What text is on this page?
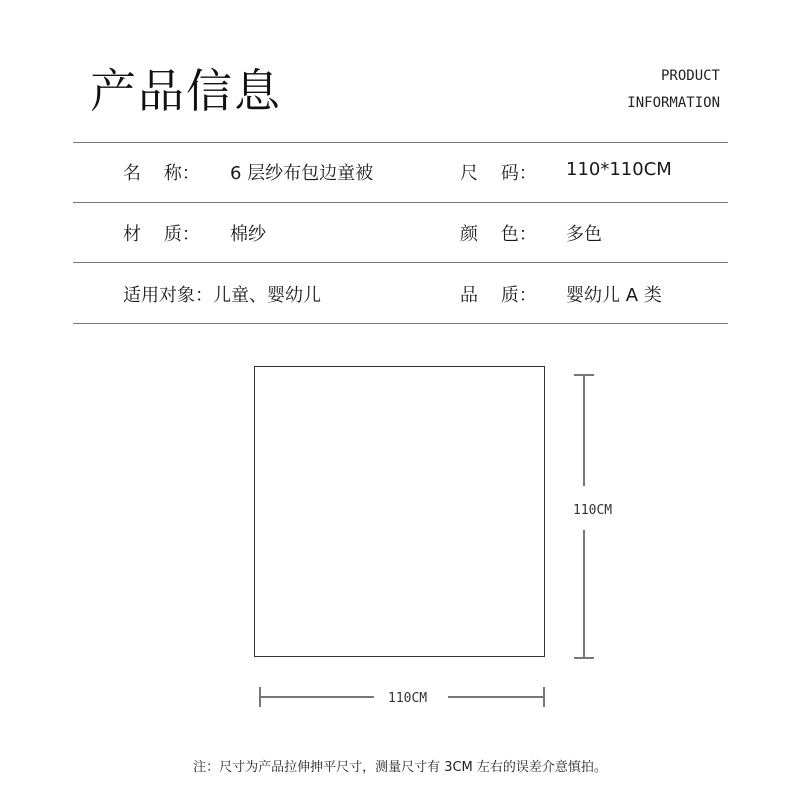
产品信息	PRODUCT
INFORMATION
名    称： 6 层纱布包边童被	尺    码： 110*110CM
材    质： 棉纱	颜    色： 多色
适用对象： 儿童、婴幼儿	品    质： 婴幼儿 A 类
110CM
110CM
注：尺寸为产品拉伸抻平尺寸，测量尺寸有 3CM 左右的误差介意慎拍。
